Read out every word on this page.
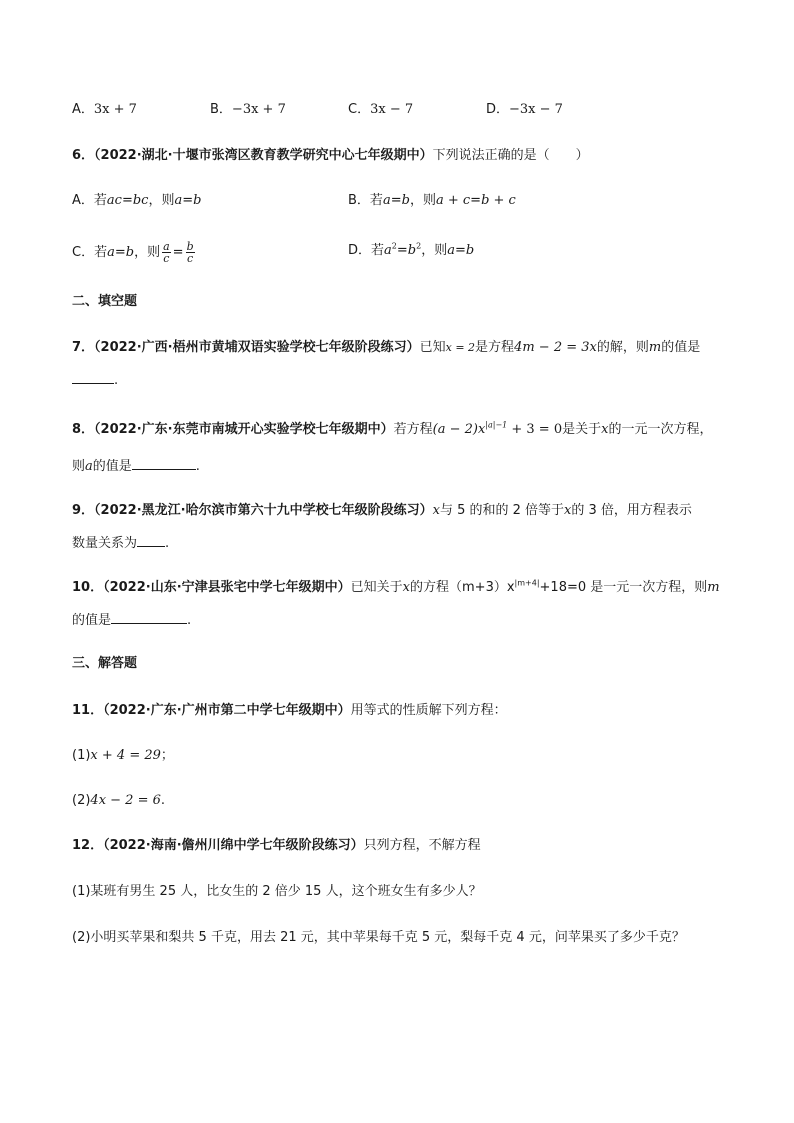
A．3x + 7	B．−3x + 7	C．3x − 7	D．−3x − 7
6．（2022·湖北·十堰市张湾区教育教学研究中心七年级期中）下列说法正确的是（　　）
A．若ac=bc，则a=b	B．若a=b，则a + c=b + c
C．若a=b，则 $\frac{a}{c} = \frac{b}{c}$	D．若$a^2=b^2$，则a=b
二、填空题
7．（2022·广西·梧州市黄埔双语实验学校七年级阶段练习）已知x = 2是方程4m − 2 = 3x的解，则m的值是
.
8．（2022·广东·东莞市南城开心实验学校七年级期中）若方程$(a - 2)x^{|a|-1} + 3 = 0$是关于x的一元一次方程，
则a的值是	.
9．（2022·黑龙江·哈尔滨市第六十九中学校七年级阶段练习）x与 5 的和的 2 倍等于x的 3 倍，用方程表示
数量关系为 .
10．（2022·山东·宁津县张宅中学七年级期中）已知关于x的方程$(m+3)x^{|m+4|}+18=0$ 是一元一次方程，则m
的值是	.
三、解答题
11．（2022·广东·广州市第二中学七年级期中）用等式的性质解下列方程：
(1)x + 4 = 29；
(2)4x − 2 = 6.
12．（2022·海南·儋州川绵中学七年级阶段练习）只列方程，不解方程
(1)某班有男生 25 人，比女生的 2 倍少 15 人，这个班女生有多少人？
(2)小明买苹果和梨共 5 千克，用去 21 元，其中苹果每千克 5 元，梨每千克 4 元，问苹果买了多少千克？
